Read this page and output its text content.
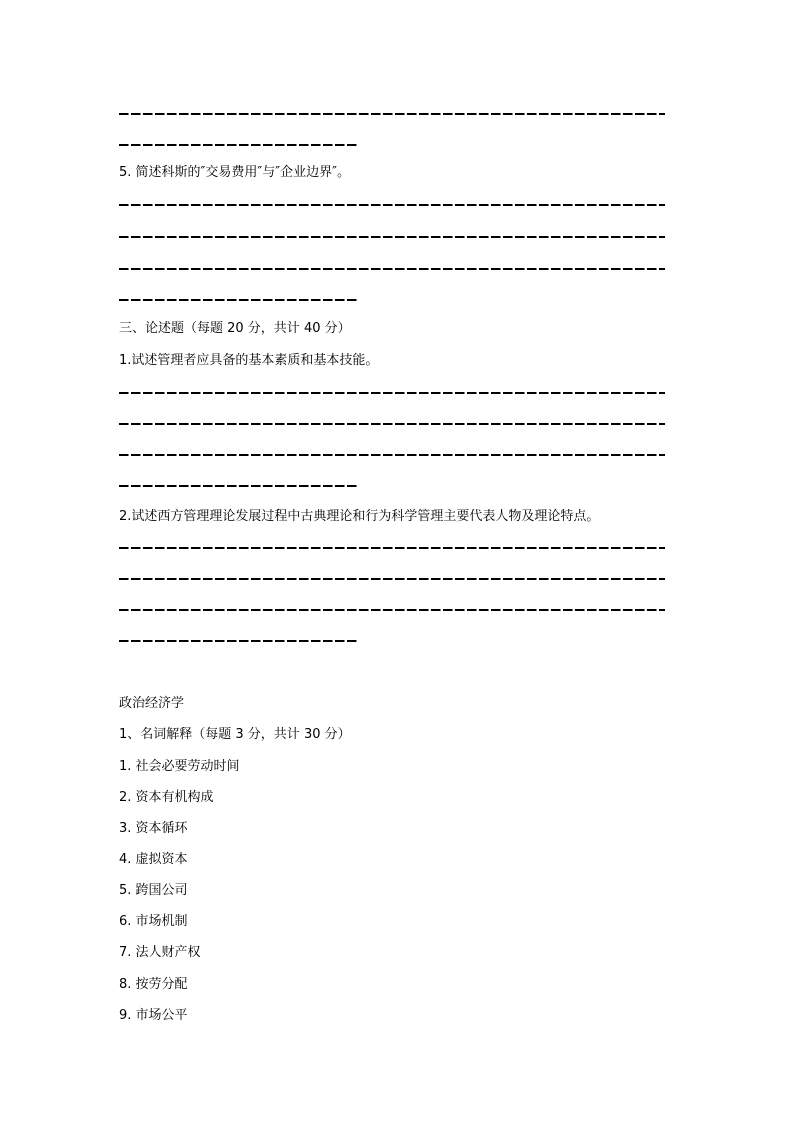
5. 简述科斯的″交易费用″与″企业边界″。
三、论述题（每题 20 分，共计 40 分）
1.试述管理者应具备的基本素质和基本技能。
2.试述西方管理理论发展过程中古典理论和行为科学管理主要代表人物及理论特点。
政治经济学
1、名词解释（每题 3 分，共计 30 分）
1. 社会必要劳动时间
2. 资本有机构成
3. 资本循环
4. 虚拟资本
5. 跨国公司
6. 市场机制
7. 法人财产权
8. 按劳分配
9. 市场公平
